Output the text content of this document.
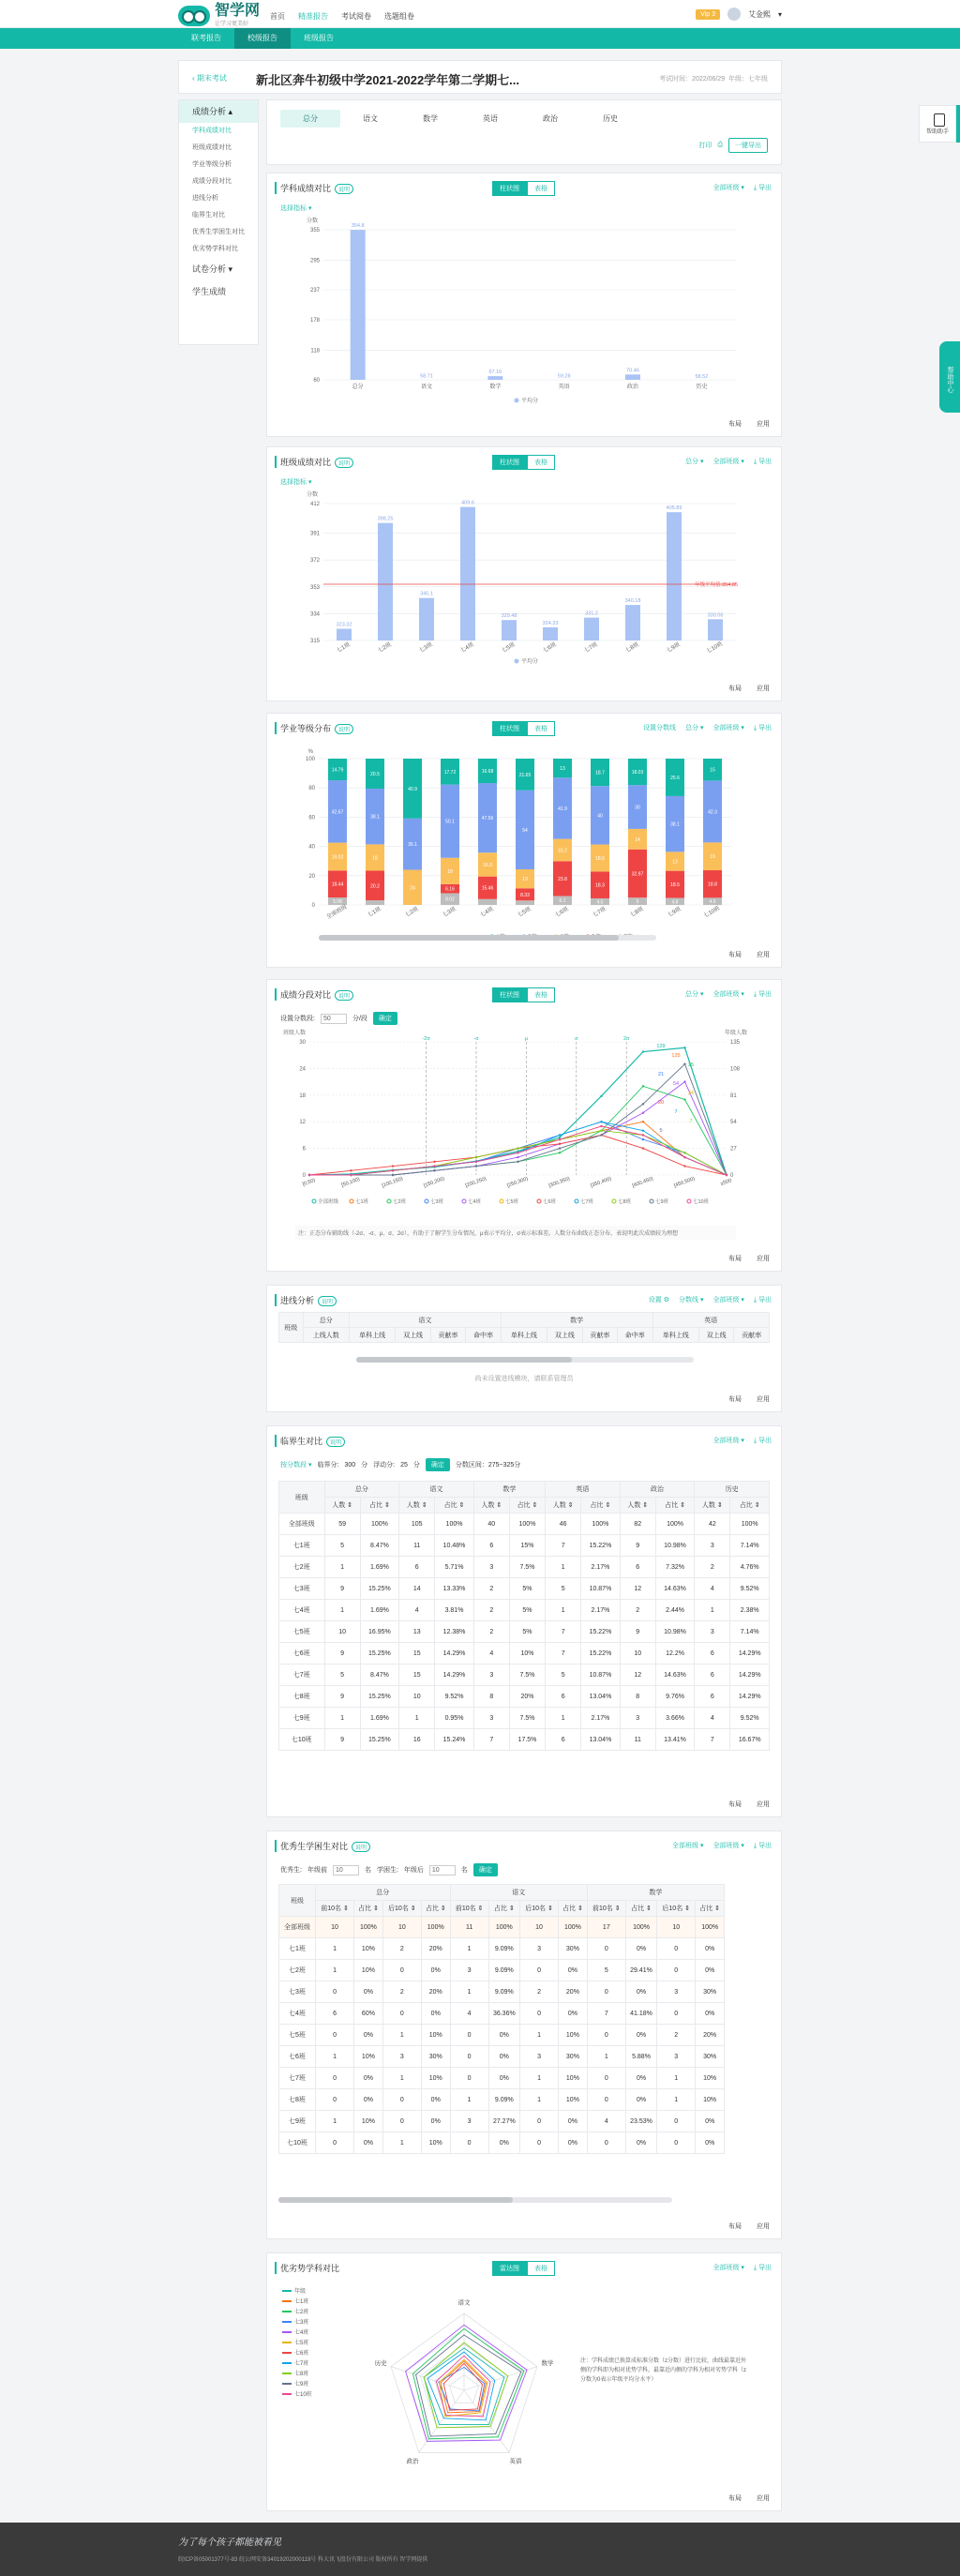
智学网
让学习更美好
首页 精准报告 考试阅卷 选题组卷	Vip 3	艾金熙 ▾
联考报告	校级报告	班级报告
‹ 期末考试 新北区奔牛初级中学2021-2022学年第二学期七...	考试时间：2022/06/29 年级：七年级
成绩分析 ▴
学科成绩对比
班级成绩对比
学业等级分析
成绩分段对比
进线分析
临界生对比
优秀生学困生对比
优劣势学科对比
试卷分析 ▾
学生成绩
总分	语文	数学	英语	政治	历史
打印 ⎙	一键导出
学科成绩对比 说明	柱状图	表格	全部班级 ▾ ⤓ 导出
选择指标 ▾
分数
60
118
178
237
295
355
354.8
总分
58.71
语文
67.16
数学
59.28
英语
70.46
政治
58.52
历史
平均分
布局 应用
班级成绩对比 说明	柱状图	表格	总分 ▾ 全部班级 ▾ ⤓ 导出
选择指标 ▾
分数
315
334
353
372
391
412
323.32
七1班
398.25
七2班
345.1
七3班
409.6
七4班
329.48
七5班
324.33
七6班
331.2
七7班
340.18
七8班
405.89
七9班
330.06
七10班
年级平均值:354.85
平均分
布局 应用
学业等级分布 说明	柱状图	表格	设置分数线 总分 ▾ 全部班级 ▾ ⤓ 导出
%
0
20
40
60
80
100
5.08
18.44
19.02
42.67
14.79
全部班级
20.2
18
38.1
20.5
七1班
24
35.1
40.9
七2班
8.02
6.16
18
50.1
17.72
七3班
15.46
16.3
47.56
16.68
七4班
8.33
13
54
21.65
七5班
6.1
23.8
15.2
41.9
13
七6班
4.5
18.3
18.5
40
18.7
七7班
5
32.97
14
30
18.03
七8班
4.8
18.5
13
38.1
25.6
七9班
4.9
18.8
19
42.3
15
七10班
布局 应用
成绩分段对比 说明	柱状图	表格	总分 ▾ 全部班级 ▾ ⤓ 导出
设置分数段:	50	分/段	确定
班级人数	年级人数
0	0
6	27
12	54
18	81
24	108
30	135
[0,50)	[50,100)	[100,150)	[150,200)	[200,250)	[250,300)	[300,350)	[350,400)	[400,450)	[450,500)	≥500
-2σ	-σ	μ	σ	2σ
129
125
25
21
54
34
20
7
7
5
全部班级	七1班	七2班	七3班	七4班	七5班	七6班	七7班	七8班	七9班	七10班
注：正态分布辅助线（-2σ、-σ、μ、σ、2σ），有助于了解学生分布情况，μ表示平均分，σ表示标准差。人数分布曲线正态分布，表说明此次成绩较为理想
布局 应用
进线分析 说明	设置 ⚙ 分数线 ▾ 全部班级 ▾ ⤓ 导出
班级	总分	语文				数学				英语		
	上线人数	单科上线	双上线	贡献率	命中率	单科上线	双上线	贡献率	命中率	单科上线	双上线	贡献率
尚未设置进线模块，请联系管理员
布局 应用
临界生对比 说明	全部班级 ▾ ⤓ 导出
按分数段 ▾ 临界分: 300 分 浮动分: 25 分	确定	分数区间：275~325分
班级	总分		语文		数学		英语		政治		历史	
	人数 ⇕	占比 ⇕	人数 ⇕	占比 ⇕	人数 ⇕	占比 ⇕	人数 ⇕	占比 ⇕	人数 ⇕	占比 ⇕	人数 ⇕	占比 ⇕
全部班级	59	100%	105	100%	40	100%	46	100%	82	100%	42	100%
七1班	5	8.47%	11	10.48%	6	15%	7	15.22%	9	10.98%	3	7.14%
七2班	1	1.69%	6	5.71%	3	7.5%	1	2.17%	6	7.32%	2	4.76%
七3班	9	15.25%	14	13.33%	2	5%	5	10.87%	12	14.63%	4	9.52%
七4班	1	1.69%	4	3.81%	2	5%	1	2.17%	2	2.44%	1	2.38%
七5班	10	16.95%	13	12.38%	2	5%	7	15.22%	9	10.98%	3	7.14%
七6班	9	15.25%	15	14.29%	4	10%	7	15.22%	10	12.2%	6	14.29%
七7班	5	8.47%	15	14.29%	3	7.5%	5	10.87%	12	14.63%	6	14.29%
七8班	9	15.25%	10	9.52%	8	20%	6	13.04%	8	9.76%	6	14.29%
七9班	1	1.69%	1	0.95%	3	7.5%	1	2.17%	3	3.66%	4	9.52%
七10班	9	15.25%	16	15.24%	7	17.5%	6	13.04%	11	13.41%	7	16.67%
布局 应用
优秀生学困生对比 说明	全部班级 ▾ 全部班级 ▾ ⤓ 导出
优秀生: 年级前	10	名 学困生: 年级后	10	名	确定
班级	总分				语文				数学			
	前10名 ⇕	占比 ⇕	后10名 ⇕	占比 ⇕	前10名 ⇕	占比 ⇕	后10名 ⇕	占比 ⇕	前10名 ⇕	占比 ⇕	后10名 ⇕	占比 ⇕
全部班级	10	100%	10	100%	11	100%	10	100%	17	100%	10	100%
七1班	1	10%	2	20%	1	9.09%	3	30%	0	0%	0	0%
七2班	1	10%	0	0%	3	9.09%	0	0%	5	29.41%	0	0%
七3班	0	0%	2	20%	1	9.09%	2	20%	0	0%	3	30%
七4班	6	60%	0	0%	4	36.36%	0	0%	7	41.18%	0	0%
七5班	0	0%	1	10%	0	0%	1	10%	0	0%	2	20%
七6班	1	10%	3	30%	0	0%	3	30%	1	5.88%	3	30%
七7班	0	0%	1	10%	0	0%	1	10%	0	0%	1	10%
七8班	0	0%	0	0%	1	9.09%	1	10%	0	0%	1	10%
七9班	1	10%	0	0%	3	27.27%	0	0%	4	23.53%	0	0%
七10班	0	0%	1	10%	0	0%	0	0%	0	0%	0	0%
布局 应用
优劣势学科对比	雷达图	表格	全部班级 ▾ ⤓ 导出
年级
七1班
七2班
七3班
七4班
七5班
七6班
七7班
七8班
七9班
七10班
语文
数学
英语
政治
历史	注：学科成绩已换算成标准分数（z分数）进行比较，曲线最靠近外侧的学科即为相对优势学科，最靠近内侧的学科为相对劣势学科（z分数为0表示年级平均分水平）
布局 应用
帮助助手
帮助中心
为了每个孩子都能被看见
皖ICP备05001377号-83 皖公网安备34019202000119号 科大讯飞股份有限公司 版权所有 智学网提供
